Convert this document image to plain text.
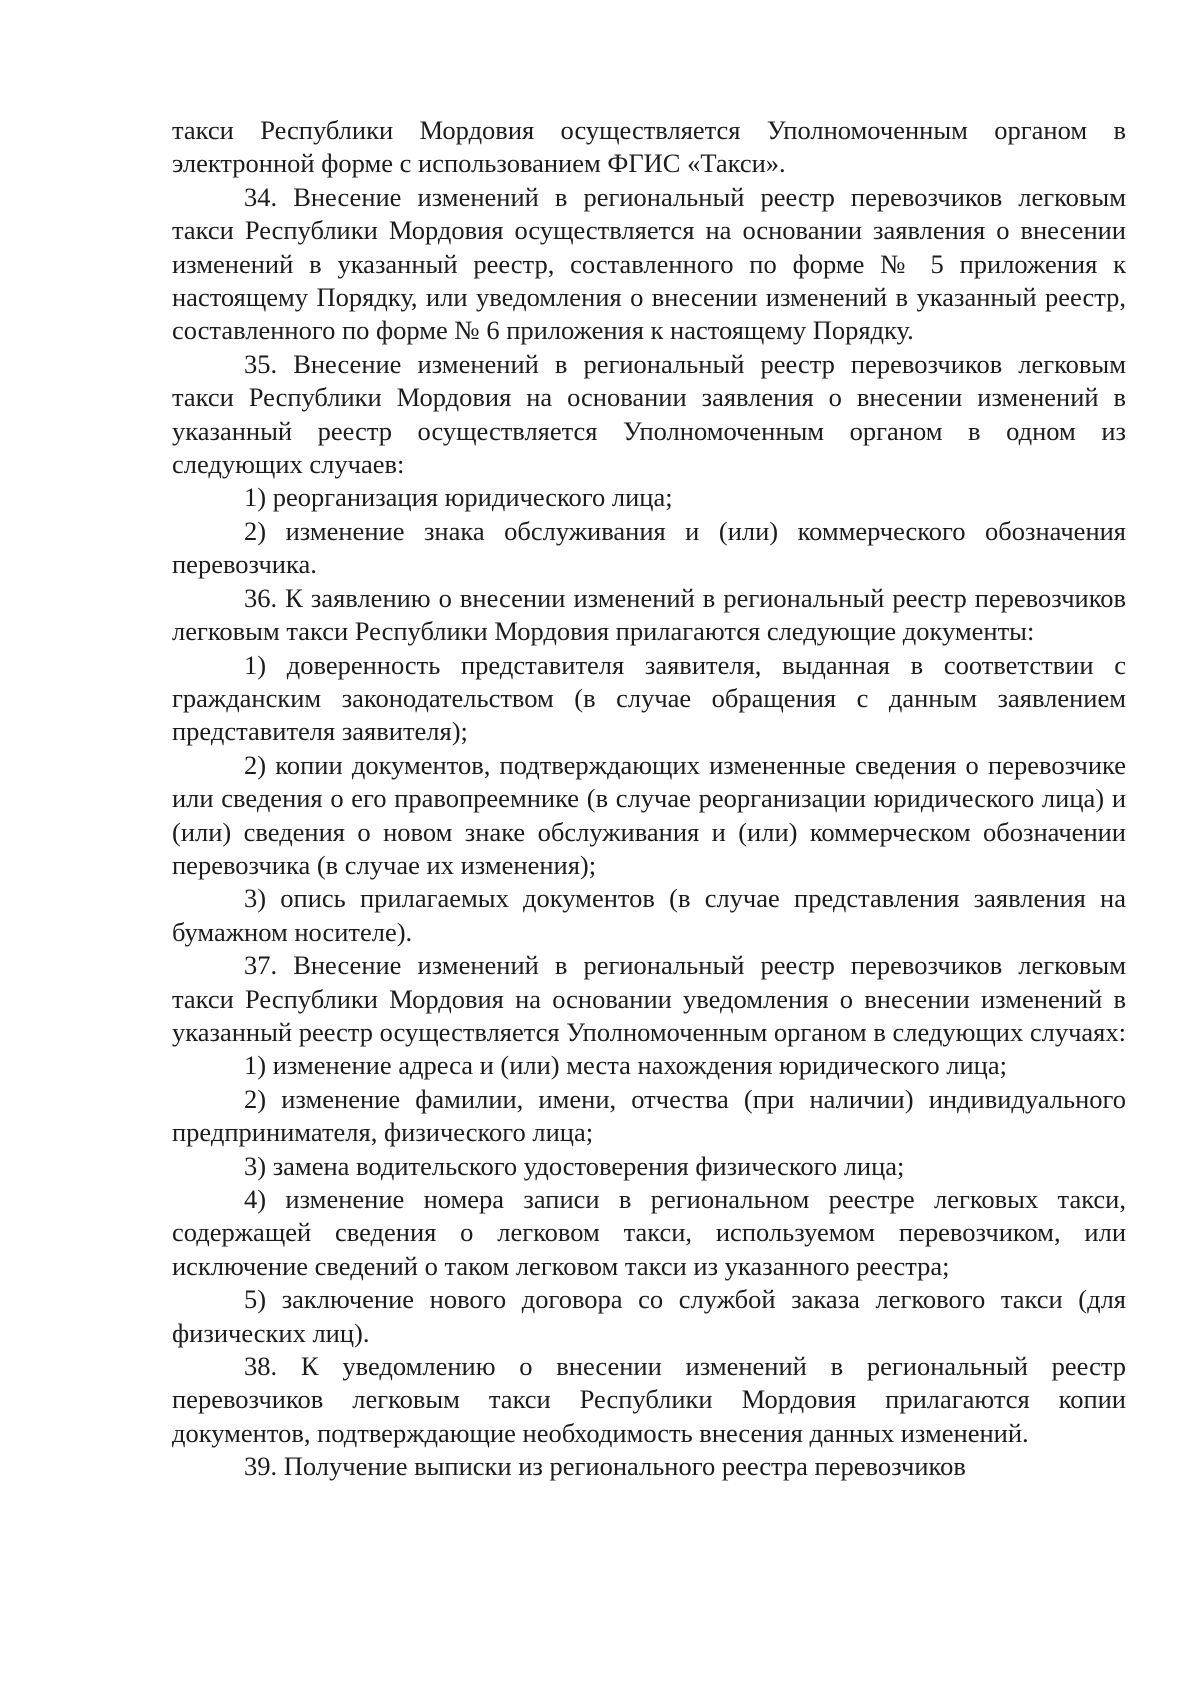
такси Республики Мордовия осуществляется Уполномоченным органом в электронной форме с использованием ФГИС «Такси».

34. Внесение изменений в региональный реестр перевозчиков легковым такси Республики Мордовия осуществляется на основании заявления о внесении изменений в указанный реестр, составленного по форме № 5 приложения к настоящему Порядку, или уведомления о внесении изменений в указанный реестр, составленного по форме № 6 приложения к настоящему Порядку.

35. Внесение изменений в региональный реестр перевозчиков легковым такси Республики Мордовия на основании заявления о внесении изменений в указанный реестр осуществляется Уполномоченным органом в одном из следующих случаев:

1) реорганизация юридического лица;

2) изменение знака обслуживания и (или) коммерческого обозначения перевозчика.

36. К заявлению о внесении изменений в региональный реестр перевозчиков легковым такси Республики Мордовия прилагаются следующие документы:

1) доверенность представителя заявителя, выданная в соответствии с гражданским законодательством (в случае обращения с данным заявлением представителя заявителя);

2) копии документов, подтверждающих измененные сведения о перевозчике или сведения о его правопреемнике (в случае реорганизации юридического лица) и (или) сведения о новом знаке обслуживания и (или) коммерческом обозначении перевозчика (в случае их изменения);

3) опись прилагаемых документов (в случае представления заявления на бумажном носителе).

37. Внесение изменений в региональный реестр перевозчиков легковым такси Республики Мордовия на основании уведомления о внесении изменений в указанный реестр осуществляется Уполномоченным органом в следующих случаях:

1) изменение адреса и (или) места нахождения юридического лица;

2) изменение фамилии, имени, отчества (при наличии) индивидуального предпринимателя, физического лица;

3) замена водительского удостоверения физического лица;

4) изменение номера записи в региональном реестре легковых такси, содержащей сведения о легковом такси, используемом перевозчиком, или исключение сведений о таком легковом такси из указанного реестра;

5) заключение нового договора со службой заказа легкового такси (для физических лиц).

38. К уведомлению о внесении изменений в региональный реестр перевозчиков легковым такси Республики Мордовия прилагаются копии документов, подтверждающие необходимость внесения данных изменений.

39. Получение выписки из регионального реестра перевозчиков
